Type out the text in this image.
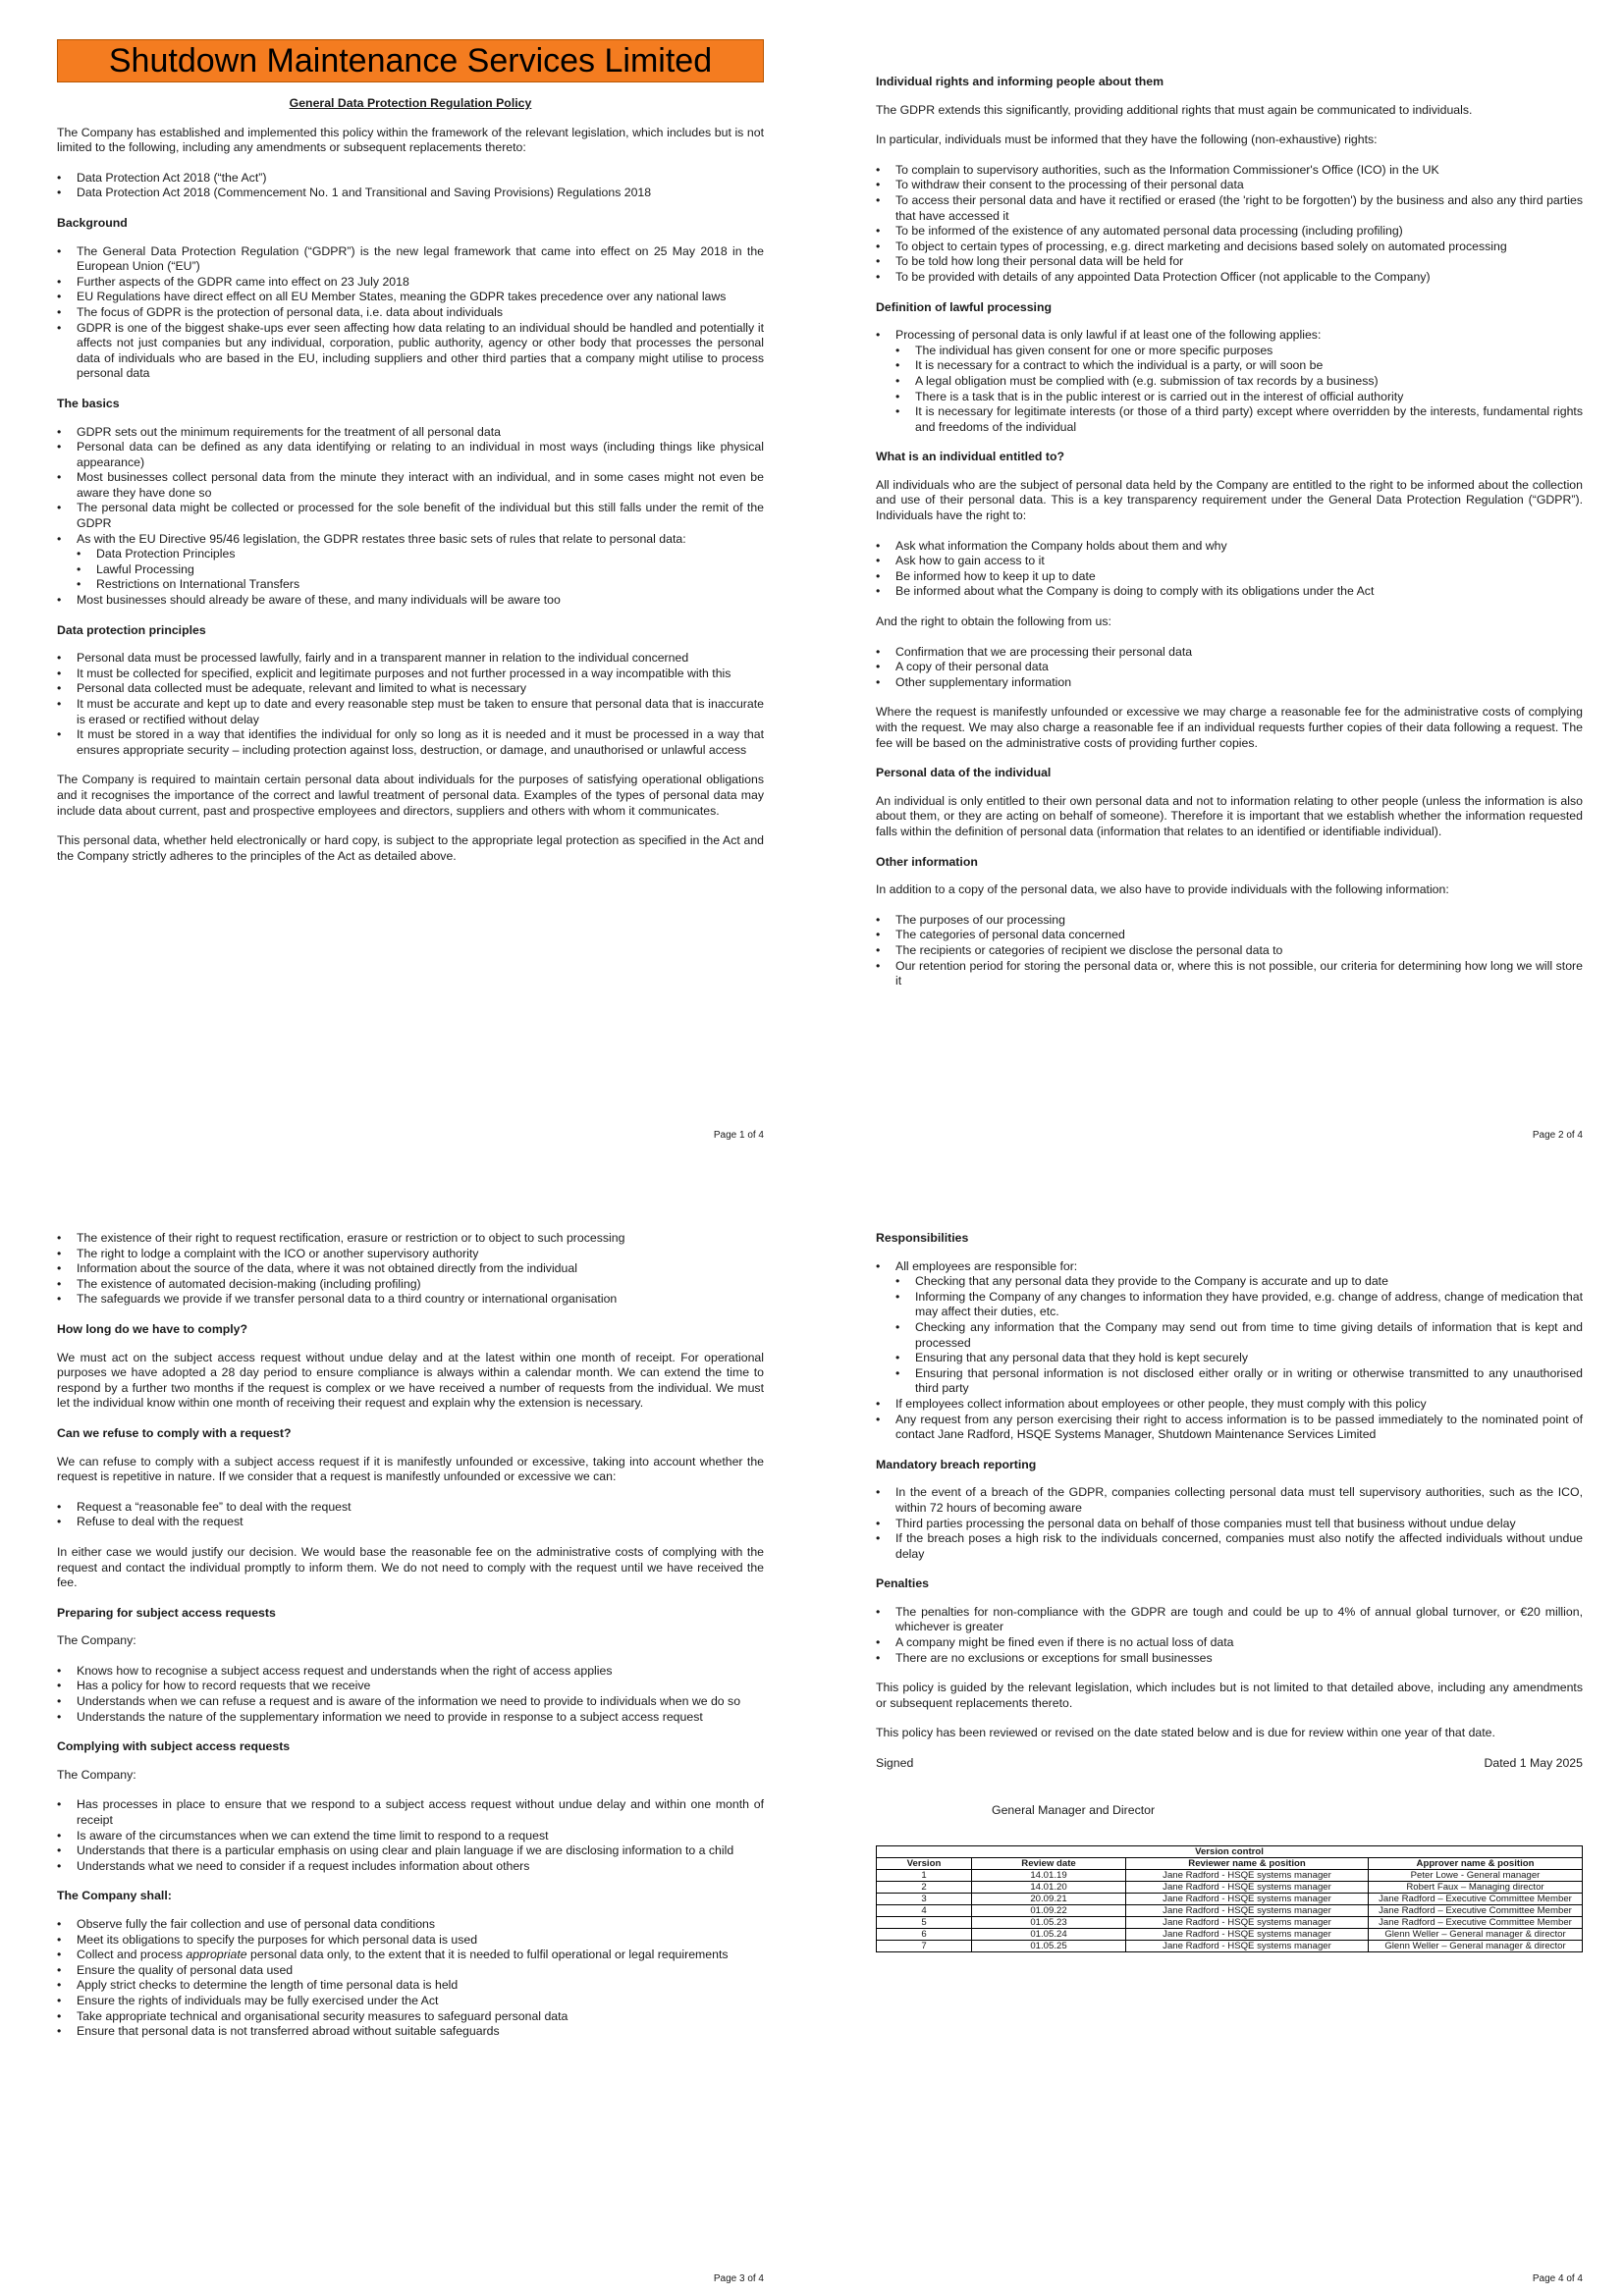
Shutdown Maintenance Services Limited
General Data Protection Regulation Policy

The Company has established and implemented this policy within the framework of the relevant legislation, which includes but is not limited to the following, including any amendments or subsequent replacements thereto:

• Data Protection Act 2018 (“the Act”)
• Data Protection Act 2018 (Commencement No. 1 and Transitional and Saving Provisions) Regulations 2018
Background
• The General Data Protection Regulation (“GDPR”) is the new legal framework that came into effect on 25 May 2018 in the European Union (“EU”)
• Further aspects of the GDPR came into effect on 23 July 2018
• EU Regulations have direct effect on all EU Member States, meaning the GDPR takes precedence over any national laws
• The focus of GDPR is the protection of personal data, i.e. data about individuals
• GDPR is one of the biggest shake-ups ever seen affecting how data relating to an individual should be handled and potentially it affects not just companies but any individual, corporation, public authority, agency or other body that processes the personal data of individuals who are based in the EU, including suppliers and other third parties that a company might utilise to process personal data
The basics
• GDPR sets out the minimum requirements for the treatment of all personal data
• Personal data can be defined as any data identifying or relating to an individual in most ways (including things like physical appearance)
• Most businesses collect personal data from the minute they interact with an individual, and in some cases might not even be aware they have done so
• The personal data might be collected or processed for the sole benefit of the individual but this still falls under the remit of the GDPR
• As with the EU Directive 95/46 legislation, the GDPR restates three basic sets of rules that relate to personal data:
• Data Protection Principles
• Lawful Processing
• Restrictions on International Transfers
• Most businesses should already be aware of these, and many individuals will be aware too
Data protection principles
• Personal data must be processed lawfully, fairly and in a transparent manner in relation to the individual concerned
• It must be collected for specified, explicit and legitimate purposes and not further processed in a way incompatible with this
• Personal data collected must be adequate, relevant and limited to what is necessary
• It must be accurate and kept up to date and every reasonable step must be taken to ensure that personal data that is inaccurate is erased or rectified without delay
• It must be stored in a way that identifies the individual for only so long as it is needed and it must be processed in a way that ensures appropriate security – including protection against loss, destruction, or damage, and unauthorised or unlawful access

The Company is required to maintain certain personal data about individuals for the purposes of satisfying operational obligations and it recognises the importance of the correct and lawful treatment of personal data. Examples of the types of personal data may include data about current, past and prospective employees and directors, suppliers and others with whom it communicates.

This personal data, whether held electronically or hard copy, is subject to the appropriate legal protection as specified in the Act and the Company strictly adheres to the principles of the Act as detailed above.

Page 1 of 4
Individual rights and informing people about them

The GDPR extends this significantly, providing additional rights that must again be communicated to individuals.

In particular, individuals must be informed that they have the following (non-exhaustive) rights:

• To complain to supervisory authorities, such as the Information Commissioner's Office (ICO) in the UK
• To withdraw their consent to the processing of their personal data
• To access their personal data and have it rectified or erased (the 'right to be forgotten') by the business and also any third parties that have accessed it
• To be informed of the existence of any automated personal data processing (including profiling)
• To object to certain types of processing, e.g. direct marketing and decisions based solely on automated processing
• To be told how long their personal data will be held for
• To be provided with details of any appointed Data Protection Officer (not applicable to the Company)
Definition of lawful processing
• Processing of personal data is only lawful if at least one of the following applies:
• The individual has given consent for one or more specific purposes
• It is necessary for a contract to which the individual is a party, or will soon be
• A legal obligation must be complied with (e.g. submission of tax records by a business)
• There is a task that is in the public interest or is carried out in the interest of official authority
• It is necessary for legitimate interests (or those of a third party) except where overridden by the interests, fundamental rights and freedoms of the individual
What is an individual entitled to?

All individuals who are the subject of personal data held by the Company are entitled to the right to be informed about the collection and use of their personal data. This is a key transparency requirement under the General Data Protection Regulation (“GDPR”). Individuals have the right to:

• Ask what information the Company holds about them and why
• Ask how to gain access to it
• Be informed how to keep it up to date
• Be informed about what the Company is doing to comply with its obligations under the Act

And the right to obtain the following from us:

• Confirmation that we are processing their personal data
• A copy of their personal data
• Other supplementary information

Where the request is manifestly unfounded or excessive we may charge a reasonable fee for the administrative costs of complying with the request. We may also charge a reasonable fee if an individual requests further copies of their data following a request. The fee will be based on the administrative costs of providing further copies.

Personal data of the individual

An individual is only entitled to their own personal data and not to information relating to other people (unless the information is also about them, or they are acting on behalf of someone). Therefore it is important that we establish whether the information requested falls within the definition of personal data (information that relates to an identified or identifiable individual).

Other information

In addition to a copy of the personal data, we also have to provide individuals with the following information:

• The purposes of our processing
• The categories of personal data concerned
• The recipients or categories of recipient we disclose the personal data to
• Our retention period for storing the personal data or, where this is not possible, our criteria for determining how long we will store it
Page 2 of 4
• The existence of their right to request rectification, erasure or restriction or to object to such processing
• The right to lodge a complaint with the ICO or another supervisory authority
• Information about the source of the data, where it was not obtained directly from the individual
• The existence of automated decision-making (including profiling)
• The safeguards we provide if we transfer personal data to a third country or international organisation
How long do we have to comply?

We must act on the subject access request without undue delay and at the latest within one month of receipt. For operational purposes we have adopted a 28 day period to ensure compliance is always within a calendar month. We can extend the time to respond by a further two months if the request is complex or we have received a number of requests from the individual. We must let the individual know within one month of receiving their request and explain why the extension is necessary.

Can we refuse to comply with a request?

We can refuse to comply with a subject access request if it is manifestly unfounded or excessive, taking into account whether the request is repetitive in nature. If we consider that a request is manifestly unfounded or excessive we can:

• Request a “reasonable fee” to deal with the request
• Refuse to deal with the request

In either case we would justify our decision. We would base the reasonable fee on the administrative costs of complying with the request and contact the individual promptly to inform them. We do not need to comply with the request until we have received the fee.

Preparing for subject access requests

The Company:

• Knows how to recognise a subject access request and understands when the right of access applies
• Has a policy for how to record requests that we receive
• Understands when we can refuse a request and is aware of the information we need to provide to individuals when we do so
• Understands the nature of the supplementary information we need to provide in response to a subject access request
Complying with subject access requests

The Company:

• Has processes in place to ensure that we respond to a subject access request without undue delay and within one month of receipt
• Is aware of the circumstances when we can extend the time limit to respond to a request
• Understands that there is a particular emphasis on using clear and plain language if we are disclosing information to a child
• Understands what we need to consider if a request includes information about others
The Company shall:
• Observe fully the fair collection and use of personal data conditions
• Meet its obligations to specify the purposes for which personal data is used
• Collect and process appropriate personal data only, to the extent that it is needed to fulfil operational or legal requirements
• Ensure the quality of personal data used
• Apply strict checks to determine the length of time personal data is held
• Ensure the rights of individuals may be fully exercised under the Act
• Take appropriate technical and organisational security measures to safeguard personal data
• Ensure that personal data is not transferred abroad without suitable safeguards
Page 3 of 4
Responsibilities
• All employees are responsible for:
• Checking that any personal data they provide to the Company is accurate and up to date
• Informing the Company of any changes to information they have provided, e.g. change of address, change of medication that may affect their duties, etc.
• Checking any information that the Company may send out from time to time giving details of information that is kept and processed
• Ensuring that any personal data that they hold is kept securely
• Ensuring that personal information is not disclosed either orally or in writing or otherwise transmitted to any unauthorised third party
• If employees collect information about employees or other people, they must comply with this policy
• Any request from any person exercising their right to access information is to be passed immediately to the nominated point of contact Jane Radford, HSQE Systems Manager, Shutdown Maintenance Services Limited
Mandatory breach reporting
• In the event of a breach of the GDPR, companies collecting personal data must tell supervisory authorities, such as the ICO, within 72 hours of becoming aware
• Third parties processing the personal data on behalf of those companies must tell that business without undue delay
• If the breach poses a high risk to the individuals concerned, companies must also notify the affected individuals without undue delay
Penalties
• The penalties for non-compliance with the GDPR are tough and could be up to 4% of annual global turnover, or €20 million, whichever is greater
• A company might be fined even if there is no actual loss of data
• There are no exclusions or exceptions for small businesses

This policy is guided by the relevant legislation, which includes but is not limited to that detailed above, including any amendments or subsequent replacements thereto.

This policy has been reviewed or revised on the date stated below and is due for review within one year of that date.

Signed	Dated 1 May 2025
General Manager and Director
Version control			
Version	Review date	Reviewer name & position	Approver name & position
1	14.01.19	Jane Radford - HSQE systems manager	Peter Lowe - General manager
2	14.01.20	Jane Radford - HSQE systems manager	Robert Faux – Managing director
3	20.09.21	Jane Radford - HSQE systems manager	Jane Radford – Executive Committee Member
4	01.09.22	Jane Radford - HSQE systems manager	Jane Radford – Executive Committee Member
5	01.05.23	Jane Radford - HSQE systems manager	Jane Radford – Executive Committee Member
6	01.05.24	Jane Radford - HSQE systems manager	Glenn Weller – General manager & director
7	01.05.25	Jane Radford - HSQE systems manager	Glenn Weller – General manager & director
Page 4 of 4
